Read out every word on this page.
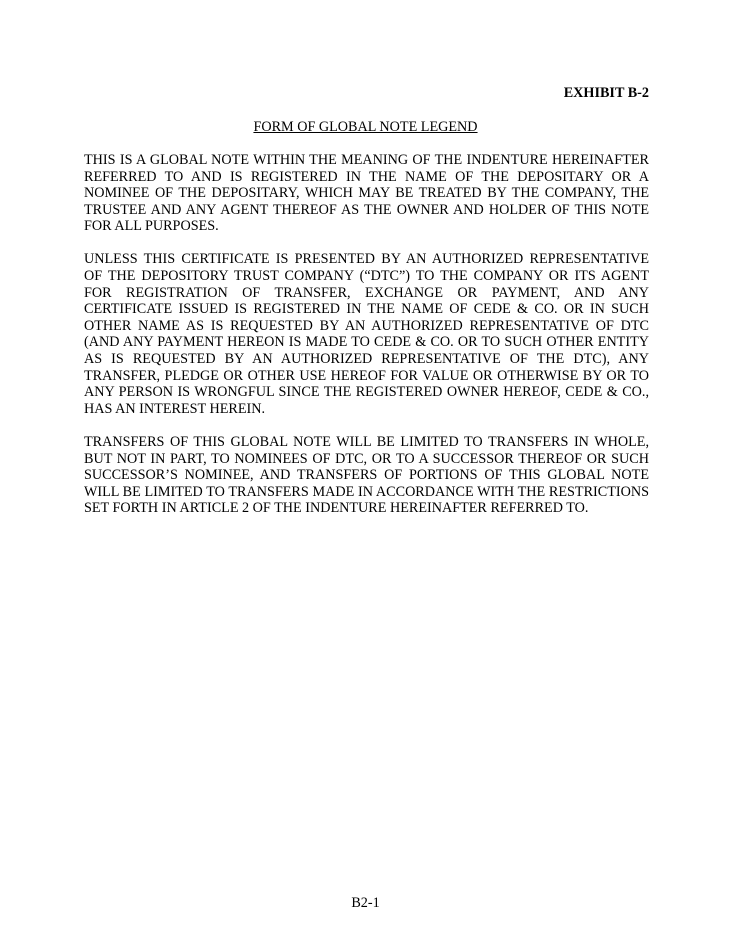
EXHIBIT B-2

FORM OF GLOBAL NOTE LEGEND

THIS IS A GLOBAL NOTE WITHIN THE MEANING OF THE INDENTURE HEREINAFTER REFERRED TO AND IS REGISTERED IN THE NAME OF THE DEPOSITARY OR A NOMINEE OF THE DEPOSITARY, WHICH MAY BE TREATED BY THE COMPANY, THE TRUSTEE AND ANY AGENT THEREOF AS THE OWNER AND HOLDER OF THIS NOTE FOR ALL PURPOSES.

UNLESS THIS CERTIFICATE IS PRESENTED BY AN AUTHORIZED REPRESENTATIVE OF THE DEPOSITORY TRUST COMPANY (“DTC”) TO THE COMPANY OR ITS AGENT FOR REGISTRATION OF TRANSFER, EXCHANGE OR PAYMENT, AND ANY CERTIFICATE ISSUED IS REGISTERED IN THE NAME OF CEDE & CO. OR IN SUCH OTHER NAME AS IS REQUESTED BY AN AUTHORIZED REPRESENTATIVE OF DTC (AND ANY PAYMENT HEREON IS MADE TO CEDE & CO. OR TO SUCH OTHER ENTITY AS IS REQUESTED BY AN AUTHORIZED REPRESENTATIVE OF THE DTC), ANY TRANSFER, PLEDGE OR OTHER USE HEREOF FOR VALUE OR OTHERWISE BY OR TO ANY PERSON IS WRONGFUL SINCE THE REGISTERED OWNER HEREOF, CEDE & CO., HAS AN INTEREST HEREIN.

TRANSFERS OF THIS GLOBAL NOTE WILL BE LIMITED TO TRANSFERS IN WHOLE, BUT NOT IN PART, TO NOMINEES OF DTC, OR TO A SUCCESSOR THEREOF OR SUCH SUCCESSOR’S NOMINEE, AND TRANSFERS OF PORTIONS OF THIS GLOBAL NOTE WILL BE LIMITED TO TRANSFERS MADE IN ACCORDANCE WITH THE RESTRICTIONS SET FORTH IN ARTICLE 2 OF THE INDENTURE HEREINAFTER REFERRED TO.

B2-1
